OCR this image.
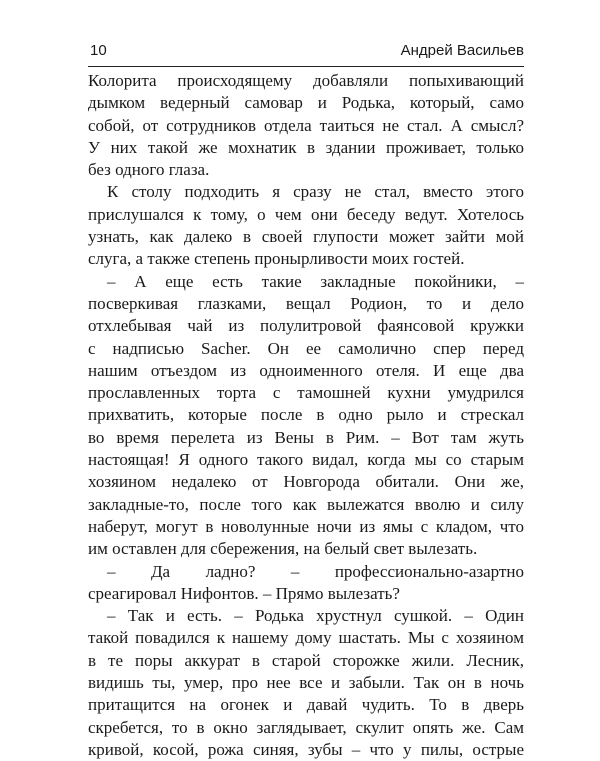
10	Андрей Васильев
Колорита происходящему добавляли попыхивающий
дымком ведерный самовар и Родька, который, само
собой, от сотрудников отдела таиться не стал. А смысл?
У них такой же мохнатик в здании проживает, только
без одного глаза.
К столу подходить я сразу не стал, вместо этого
прислушался к тому, о чем они беседу ведут. Хотелось
узнать, как далеко в своей глупости может зайти мой
слуга, а также степень пронырливости моих гостей.
– А еще есть такие закладные покойники, –
посверкивая глазками, вещал Родион, то и дело
отхлебывая чай из полулитровой фаянсовой кружки
с надписью Sacher. Он ее самолично спер перед
нашим отъездом из одноименного отеля. И еще два
прославленных торта с тамошней кухни умудрился
прихватить, которые после в одно рыло и стрескал
во время перелета из Вены в Рим. – Вот там жуть
настоящая! Я одного такого видал, когда мы со старым
хозяином недалеко от Новгорода обитали. Они же,
закладные-то, после того как вылежатся вволю и силу
наберут, могут в новолунные ночи из ямы с кладом, что
им оставлен для сбережения, на белый свет вылезать.
– Да ладно? – профессионально-азартно
среагировал Нифонтов. – Прямо вылезать?
– Так и есть. – Родька хрустнул сушкой. – Один
такой повадился к нашему дому шастать. Мы с хозяином
в те поры аккурат в старой сторожке жили. Лесник,
видишь ты, умер, про нее все и забыли. Так он в ночь
притащится на огонек и давай чудить. То в дверь
скребется, то в окно заглядывает, скулит опять же. Сам
кривой, косой, рожа синяя, зубы – что у пилы, острые
